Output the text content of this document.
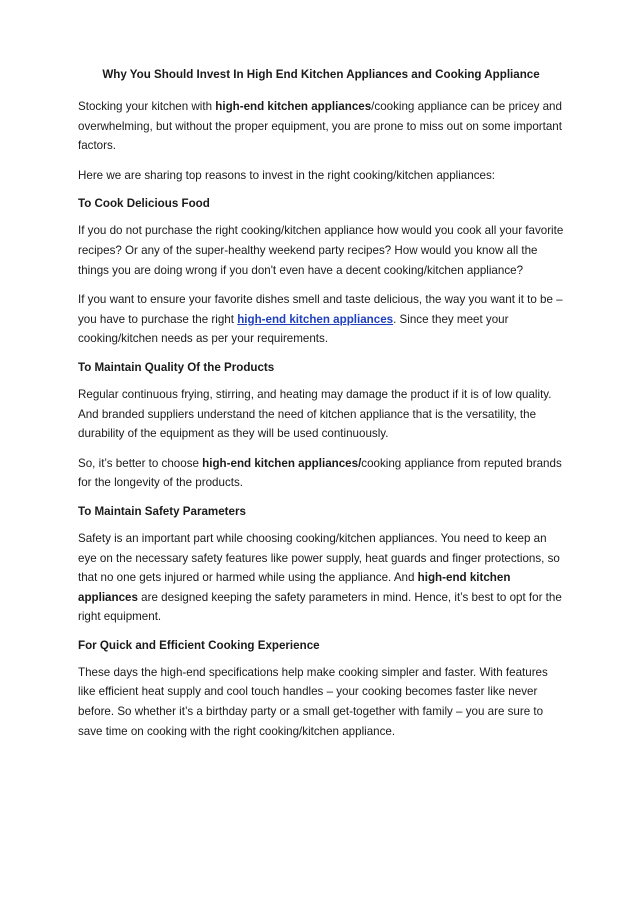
Why You Should Invest In High End Kitchen Appliances and Cooking Appliance

Stocking your kitchen with high-end kitchen appliances/cooking appliance can be pricey and overwhelming, but without the proper equipment, you are prone to miss out on some important factors.

Here we are sharing top reasons to invest in the right cooking/kitchen appliances:

To Cook Delicious Food

If you do not purchase the right cooking/kitchen appliance how would you cook all your favorite recipes? Or any of the super-healthy weekend party recipes? How would you know all the things you are doing wrong if you don't even have a decent cooking/kitchen appliance?

If you want to ensure your favorite dishes smell and taste delicious, the way you want it to be – you have to purchase the right high-end kitchen appliances. Since they meet your cooking/kitchen needs as per your requirements.

To Maintain Quality Of the Products

Regular continuous frying, stirring, and heating may damage the product if it is of low quality. And branded suppliers understand the need of kitchen appliance that is the versatility, the durability of the equipment as they will be used continuously.

So, it’s better to choose high-end kitchen appliances/cooking appliance from reputed brands for the longevity of the products.

To Maintain Safety Parameters

Safety is an important part while choosing cooking/kitchen appliances. You need to keep an eye on the necessary safety features like power supply, heat guards and finger protections, so that no one gets injured or harmed while using the appliance. And high-end kitchen appliances are designed keeping the safety parameters in mind. Hence, it’s best to opt for the right equipment.

For Quick and Efficient Cooking Experience

These days the high-end specifications help make cooking simpler and faster. With features like efficient heat supply and cool touch handles – your cooking becomes faster like never before. So whether it’s a birthday party or a small get-together with family – you are sure to save time on cooking with the right cooking/kitchen appliance.
